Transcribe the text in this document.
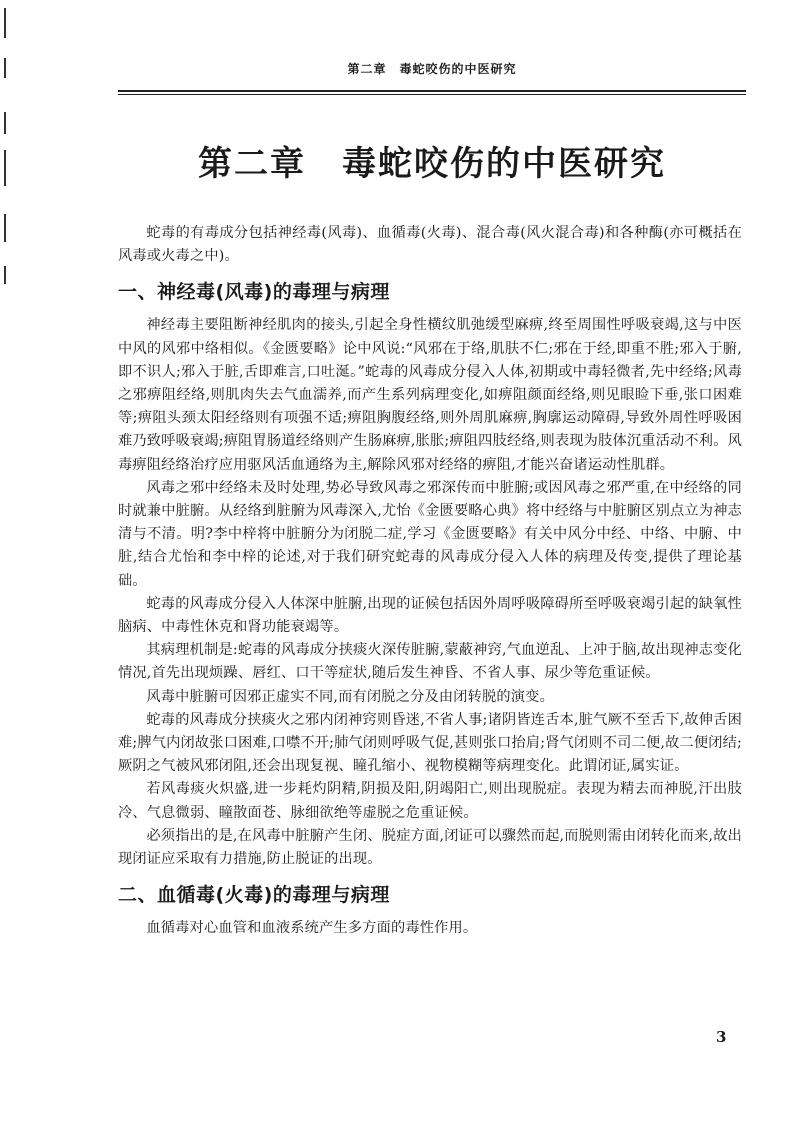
第二章　毒蛇咬伤的中医研究
第二章　毒蛇咬伤的中医研究

蛇毒的有毒成分包括神经毒(风毒)、血循毒(火毒)、混合毒(风火混合毒)和各种酶(亦可概括在风毒或火毒之中)。

一、神经毒(风毒)的毒理与病理

神经毒主要阻断神经肌肉的接头,引起全身性横纹肌弛缓型麻痹,终至周围性呼吸衰竭,这与中医中风的风邪中络相似。《金匮要略》论中风说:“风邪在于络,肌肤不仁;邪在于经,即重不胜;邪入于腑,即不识人;邪入于脏,舌即难言,口吐涎。”蛇毒的风毒成分侵入人体,初期或中毒轻微者,先中经络;风毒之邪痹阻经络,则肌肉失去气血濡养,而产生系列病理变化,如痹阻颜面经络,则见眼睑下垂,张口困难等;痹阻头颈太阳经络则有项强不适;痹阻胸腹经络,则外周肌麻痹,胸廓运动障碍,导致外周性呼吸困难乃致呼吸衰竭;痹阻胃肠道经络则产生肠麻痹,胀胀;痹阻四肢经络,则表现为肢体沉重活动不利。风毒痹阻经络治疗应用驱风活血通络为主,解除风邪对经络的痹阻,才能兴奋诸运动性肌群。

风毒之邪中经络未及时处理,势必导致风毒之邪深传而中脏腑;或因风毒之邪严重,在中经络的同时就兼中脏腑。从经络到脏腑为风毒深入,尤怡《金匮要略心典》将中经络与中脏腑区别点立为神志清与不清。明?李中梓将中脏腑分为闭脱二症,学习《金匮要略》有关中风分中经、中络、中腑、中脏,结合尤怡和李中梓的论述,对于我们研究蛇毒的风毒成分侵入人体的病理及传变,提供了理论基础。

蛇毒的风毒成分侵入人体深中脏腑,出现的证候包括因外周呼吸障碍所至呼吸衰竭引起的缺氧性脑病、中毒性休克和肾功能衰竭等。

其病理机制是:蛇毒的风毒成分挟痰火深传脏腑,蒙蔽神窍,气血逆乱、上冲于脑,故出现神志变化情况,首先出现烦躁、唇红、口干等症状,随后发生神昏、不省人事、尿少等危重证候。

风毒中脏腑可因邪正虚实不同,而有闭脱之分及由闭转脱的演变。

蛇毒的风毒成分挟痰火之邪内闭神窍则昏迷,不省人事;诸阴皆连舌本,脏气厥不至舌下,故伸舌困难;脾气内闭故张口困难,口噤不开;肺气闭则呼吸气促,甚则张口抬肩;肾气闭则不司二便,故二便闭结;厥阴之气被风邪闭阻,还会出现复视、瞳孔缩小、视物模糊等病理变化。此谓闭证,属实证。

若风毒痰火炽盛,进一步耗灼阴精,阴损及阳,阴竭阳亡,则出现脱症。表现为精去而神脱,汗出肢冷、气息微弱、瞳散面苍、脉细欲绝等虚脱之危重证候。

必须指出的是,在风毒中脏腑产生闭、脱症方面,闭证可以骤然而起,而脱则需由闭转化而来,故出现闭证应采取有力措施,防止脱证的出现。

二、血循毒(火毒)的毒理与病理

血循毒对心血管和血液系统产生多方面的毒性作用。

3
